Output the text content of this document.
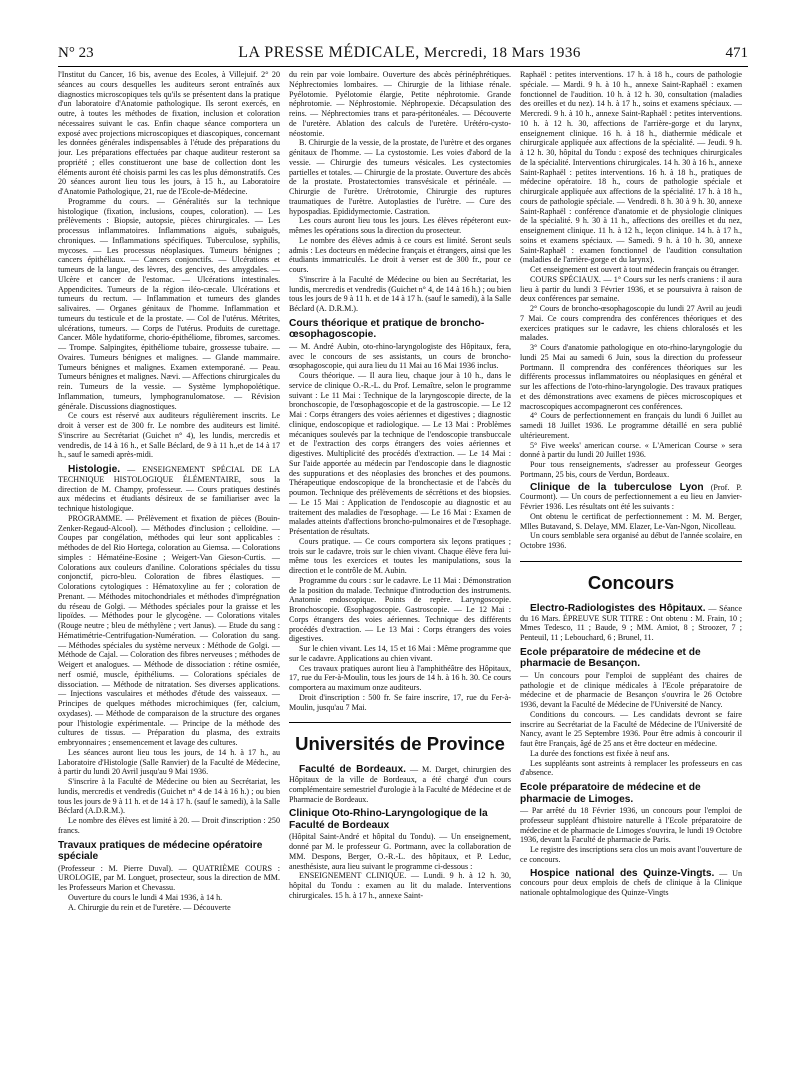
N° 23	LA PRESSE MÉDICALE, Mercredi, 18 Mars 1936	471

l'Institut du Cancer, 16 bis, avenue des Ecoles, à Villejuif. 2° 20 séances au cours desquelles les auditeurs seront entraînés aux diagnostics microscopiques tels qu'ils se présentent dans la pratique d'un laboratoire d'Anatomie pathologique. Ils seront exercés, en outre, à toutes les méthodes de fixation, inclusion et coloration nécessaires suivant le cas. Enfin chaque séance comportera un exposé avec projections microscopiques et diascopiques, concernant les données générales indispensables à l'étude des préparations du jour. Les préparations effectuées par chaque auditeur resteront sa propriété ; elles constitueront une base de collection dont les éléments auront été choisis parmi les cas les plus démonstratifs. Ces 20 séances auront lieu tous les jours, à 15 h., au Laboratoire d'Anatomie Pathologique, 21, rue de l'Ecole-de-Médecine.

Programme du cours. — Généralités sur la technique histologique (fixation, inclusions, coupes, coloration). — Les prélèvements : Biopsie, autopsie, pièces chirurgicales. — Les processus inflammatoires. Inflammations aiguës, subaiguës, chroniques. — Inflammations spécifiques. Tuberculose, syphilis, mycoses. — Les processus néoplasiques. Tumeurs bénignes ; cancers épithéliaux. — Cancers conjonctifs. — Ulcérations et tumeurs de la langue, des lèvres, des gencives, des amygdales. — Ulcère et cancer de l'estomac. — Ulcérations intestinales. Appendicites. Tumeurs de la région iléo-cæcale. Ulcérations et tumeurs du rectum. — Inflammation et tumeurs des glandes salivaires. — Organes génitaux de l'homme. Inflammation et tumeurs du testicule et de la prostate. — Col de l'utérus. Métrites, ulcérations, tumeurs. — Corps de l'utérus. Produits de curettage. Cancer. Môle hydatiforme, chorio-épithéliome, fibromes, sarcomes. — Trompe. Salpingites, épithéliome tubaire, grossesse tubaire. — Ovaires. Tumeurs bénignes et malignes. — Glande mammaire. Tumeurs bénignes et malignes. Examen extemporané. — Peau. Tumeurs bénignes et malignes. Nævi. — Affections chirurgicales du rein. Tumeurs de la vessie. — Système lymphopoïétique. Inflammation, tumeurs, lymphogranulomatose. — Révision générale. Discussions diagnostiques.

Ce cours est réservé aux auditeurs régulièrement inscrits. Le droit à verser est de 300 fr. Le nombre des auditeurs est limité. S'inscrire au Secrétariat (Guichet n° 4), les lundis, mercredis et vendredis, de 14 à 16 h., et Salle Béclard, de 9 à 11 h.,et de 14 à 17 h., sauf le samedi après-midi.

Histologie. — ENSEIGNEMENT SPÉCIAL DE LA TECHNIQUE HISTOLOGIQUE ÉLÉMENTAIRE, sous la direction de M. Champy, professeur. — Cours pratiques destinés aux médecins et étudiants désireux de se familiariser avec la technique histologique.

PROGRAMME. — Prélèvement et fixation de pièces (Bouin-Zenker-Regaud-Alcool). — Méthodes d'inclusion ; celloïdine. — Coupes par congélation, méthodes qui leur sont applicables : méthodes de del Rio Hortega, coloration au Giemsa. — Colorations simples : Hématéine-Eosine ; Weigert-Van Gieson-Curtis. — Colorations aux couleurs d'aniline. Colorations spéciales du tissu conjonctif, picro-bleu. Coloration de fibres élastiques. — Colorations cytologiques : Hématoxyline au fer ; coloration de Prenant. — Méthodes mitochondriales et méthodes d'imprégnation du réseau de Golgi. — Méthodes spéciales pour la graisse et les lipoïdes. — Méthodes pour le glycogène. — Colorations vitales (Rouge neutre ; bleu de méthylène ; vert Janus). — Etude du sang : Hématimétrie-Centrifugation-Numération. — Coloration du sang. — Méthodes spéciales du système nerveux : Méthode de Golgi. — Méthode de Cajal. — Coloration des fibres nerveuses ; méthodes de Weigert et analogues. — Méthode de dissociation : rétine osmiée, nerf osmié, muscle, épithéliums. — Colorations spéciales de dissociation. — Méthode de nitratation. Ses diverses applications. — Injections vasculaires et méthodes d'étude des vaisseaux. — Principes de quelques méthodes microchimiques (fer, calcium, oxydases). — Méthode de comparaison de la structure des organes pour l'histologie expérimentale. — Principe de la méthode des cultures de tissus. — Préparation du plasma, des extraits embryonnaires ; ensemencement et lavage des cultures.

Les séances auront lieu tous les jours, de 14 h. à 17 h., au Laboratoire d'Histologie (Salle Ranvier) de la Faculté de Médecine, à partir du lundi 20 Avril jusqu'au 9 Mai 1936.

S'inscrire à la Faculté de Médecine ou bien au Secrétariat, les lundis, mercredis et vendredis (Guichet n° 4 de 14 à 16 h.) ; ou bien tous les jours de 9 à 11 h. et de 14 à 17 h. (sauf le samedi), à la Salle Béclard (A.D.R.M.).

Le nombre des élèves est limité à 20. — Droit d'inscription : 250 francs.

Travaux pratiques de médecine opératoire spéciale

(Professeur : M. Pierre Duval). — QUATRIÈME COURS : UROLOGIE, par M. Longuet, prosecteur, sous la direction de MM. les Professeurs Marion et Chevassu.

Ouverture du cours le lundi 4 Mai 1936, à 14 h.

A. Chirurgie du rein et de l'uretère. — Découverte

du rein par voie lombaire. Ouverture des abcès périnéphrétiques. Néphrectomies lombaires. — Chirurgie de la lithiase rénale. Pyélotomie. Pyélotomie élargie, Petite néphrotomie. Grande néphrotomie. — Néphrostomie. Néphropexie. Décapsulation des reins. — Néphrectomies trans et para-péritonéales. — Découverte de l'uretère. Ablation des calculs de l'uretère. Urétéro-cysto-néostomie.

B. Chirurgie de la vessie, de la prostate, de l'urètre et des organes génitaux de l'homme. — La cystostomie. Les voies d'abord de la vessie. — Chirurgie des tumeurs vésicales. Les cystectomies partielles et totales. — Chirurgie de la prostate. Ouverture des abcès de la prostate. Prostatectomies transvésicale et périnéale. — Chirurgie de l'urètre. Urétrotomie, Chirurgie des ruptures traumatiques de l'urètre. Autoplasties de l'urètre. — Cure des hypospadias. Epididymectomie. Castration.

Les cours auront lieu tous les jours. Les élèves répéteront eux-mêmes les opérations sous la direction du prosecteur.

Le nombre des élèves admis à ce cours est limité. Seront seuls admis : Les docteurs en médecine français et étrangers, ainsi que les étudiants immatriculés. Le droit à verser est de 300 fr., pour ce cours.

S'inscrire à la Faculté de Médecine ou bien au Secrétariat, les lundis, mercredis et vendredis (Guichet n° 4, de 14 à 16 h.) ; ou bien tous les jours de 9 à 11 h. et de 14 à 17 h. (sauf le samedi), à la Salle Béclard (A. D.R.M.).

Cours théorique et pratique de broncho-œsophagoscopie.

— M. André Aubin, oto-rhino-laryngologiste des Hôpitaux, fera, avec le concours de ses assistants, un cours de broncho-œsophagoscopie, qui aura lieu du 11 Mai au 16 Mai 1936 inclus.

Cours théorique. — Il aura lieu, chaque jour à 10 h., dans le service de clinique O.-R.-L. du Prof. Lemaître, selon le programme suivant : Le 11 Mai : Technique de la laryngoscopie directe, de la bronchoscopie, de l'œsophagoscopie et de la gastroscopie. — Le 12 Mai : Corps étrangers des voies aériennes et digestives ; diagnostic clinique, endoscopique et radiologique. — Le 13 Mai : Problèmes mécaniques soulevés par la technique de l'endoscopie transbuccale et de l'extraction des corps étrangers des voies aériennes et digestives. Multiplicité des procédés d'extraction. — Le 14 Mai : Sur l'aide apportée au médecin par l'endoscopie dans le diagnostic des suppurations et des néoplasies des bronches et des poumons. Thérapeutique endoscopique de la bronchectasie et de l'abcès du poumon. Technique des prélèvements de sécrétions et des biopsies. — Le 15 Mai : Application de l'endoscopie au diagnostic et au traitement des maladies de l'œsophage. — Le 16 Mai : Examen de malades atteints d'affections broncho-pulmonaires et de l'œsophage. Présentation de résultats.

Cours pratique. — Ce cours comportera six leçons pratiques ; trois sur le cadavre, trois sur le chien vivant. Chaque élève fera lui-même tous les exercices et toutes les manipulations, sous la direction et le contrôle de M. Aubin.

Programme du cours : sur le cadavre. Le 11 Mai : Démonstration de la position du malade. Technique d'introduction des instruments. Anatomie endoscopique. Points de repère. Laryngoscopie. Bronchoscopie. Œsophagoscopie. Gastroscopie. — Le 12 Mai : Corps étrangers des voies aériennes. Technique des différents procédés d'extraction. — Le 13 Mai : Corps étrangers des voies digestives.

Sur le chien vivant. Les 14, 15 et 16 Mai : Même programme que sur le cadavre. Applications au chien vivant.

Ces travaux pratiques auront lieu à l'amphithéâtre des Hôpitaux, 17, rue du Fer-à-Moulin, tous les jours de 14 h. à 16 h. 30. Ce cours comportera au maximum onze auditeurs.

Droit d'inscription : 500 fr. Se faire inscrire, 17, rue du Fer-à-Moulin, jusqu'au 7 Mai.

Universités de Province

Faculté de Bordeaux. — M. Darget, chirurgien des Hôpitaux de la ville de Bordeaux, a été chargé d'un cours complémentaire semestriel d'urologie à la Faculté de Médecine et de Pharmacie de Bordeaux.

Clinique Oto-Rhino-Laryngologique de la Faculté de Bordeaux

(Hôpital Saint-André et hôpital du Tondu). — Un enseignement, donné par M. le professeur G. Portmann, avec la collaboration de MM. Despons, Berger, O.-R.-L. des hôpitaux, et P. Leduc, anesthésiste, aura lieu suivant le programme ci-dessous :

ENSEIGNEMENT CLINIQUE. — Lundi. 9 h. à 12 h. 30, hôpital du Tondu : examen au lit du malade. Interventions chirurgicales. 15 h. à 17 h., annexe Saint-

Raphaël : petites interventions. 17 h. à 18 h., cours de pathologie spéciale. — Mardi. 9 h. à 10 h., annexe Saint-Raphaël : examen fonctionnel de l'audition. 10 h. à 12 h. 30, consultation (maladies des oreilles et du nez). 14 h. à 17 h., soins et examens spéciaux. — Mercredi. 9 h. à 10 h., annexe Saint-Raphaël : petites interventions. 10 h. à 12 h. 30, affections de l'arrière-gorge et du larynx, enseignement clinique. 16 h. à 18 h., diathermie médicale et chirurgicale appliquée aux affections de la spécialité. — Jeudi. 9 h. à 12 h. 30, hôpital du Tondu : exposé des techniques chirurgicales de la spécialité. Interventions chirurgicales. 14 h. 30 à 16 h., annexe Saint-Raphaël : petites interventions. 16 h. à 18 h., pratiques de médecine opératoire. 18 h., cours de pathologie spéciale et chirurgicale appliquée aux affections de la spécialité. 17 h. à 18 h., cours de pathologie spéciale. — Vendredi. 8 h. 30 à 9 h. 30, annexe Saint-Raphaël : conférence d'anatomie et de physiologie cliniques de la spécialité. 9 h. 30 à 11 h., affections des oreilles et du nez, enseignement clinique. 11 h. à 12 h., leçon clinique. 14 h. à 17 h., soins et examens spéciaux. — Samedi. 9 h. à 10 h. 30, annexe Saint-Raphaël : examen fonctionnel de l'audition consultation (maladies de l'arrière-gorge et du larynx).

Cet enseignement est ouvert à tout médecin français ou étranger.

COURS SPÉCIAUX. — 1° Cours sur les nerfs craniens : il aura lieu à partir du lundi 3 Février 1936, et se poursuivra à raison de deux conférences par semaine.

2° Cours de broncho-œsophagoscopie du lundi 27 Avril au jeudi 7 Mai. Ce cours comprendra des conférences théoriques et des exercices pratiques sur le cadavre, les chiens chloralosés et les malades.

3° Cours d'anatomie pathologique en oto-rhino-laryngologie du lundi 25 Mai au samedi 6 Juin, sous la direction du professeur Portmann. Il comprendra des conférences théoriques sur les différents processus inflammatoires ou néoplasiques en général et sur les affections de l'oto-rhino-laryngologie. Des travaux pratiques et des démonstrations avec examens de pièces microscopiques et macroscopiques accompagneront ces conférences.

4° Cours de perfectionnement en français du lundi 6 Juillet au samedi 18 Juillet 1936. Le programme détaillé en sera publié ultérieurement.

5° Five weeks' american course. « L'American Course » sera donné à partir du lundi 20 Juillet 1936.

Pour tous renseignements, s'adresser au professeur Georges Portmann, 25 bis, cours de Verdun, Bordeaux.

Clinique de la tuberculose Lyon (Prof. P. Courmont). — Un cours de perfectionnement a eu lieu en Janvier-Février 1936. Les résultats ont été les suivants :

Ont obtenu le certificat de perfectionnement : M. M. Berger, Mlles Butavand, S. Delaye, MM. Elazer, Le-Van-Ngon, Nicolleau.

Un cours semblable sera organisé au début de l'année scolaire, en Octobre 1936.

Concours

Electro-Radiologistes des Hôpitaux. — Séance du 16 Mars. ÉPREUVE SUR TITRE : Ont obtenu : M. Frain, 10 ; Mmes Tedesco, 11 ; Baude, 9 ; MM. Amiot, 8 ; Stroozer, 7 ; Penteuil, 11 ; Lebouchard, 6 ; Brunel, 11.

Ecole préparatoire de médecine et de pharmacie de Besançon.

— Un concours pour l'emploi de suppléant des chaires de pathologie et de clinique médicales à l'Ecole préparatoire de médecine et de pharmacie de Besançon s'ouvrira le 26 Octobre 1936, devant la Faculté de Médecine de l'Université de Nancy.

Conditions du concours. — Les candidats devront se faire inscrire au Secrétariat de la Faculté de Médecine de l'Université de Nancy, avant le 25 Septembre 1936. Pour être admis à concourir il faut être Français, âgé de 25 ans et être docteur en médecine.

La durée des fonctions est fixée à neuf ans.

Les suppléants sont astreints à remplacer les professeurs en cas d'absence.

Ecole préparatoire de médecine et de pharmacie de Limoges.

— Par arrêté du 18 Février 1936, un concours pour l'emploi de professeur suppléant d'histoire naturelle à l'Ecole préparatoire de médecine et de pharmacie de Limoges s'ouvrira, le lundi 19 Octobre 1936, devant la Faculté de pharmacie de Paris.

Le registre des inscriptions sera clos un mois avant l'ouverture de ce concours.

Hospice national des Quinze-Vingts. — Un concours pour deux emplois de chefs de clinique à la Clinique nationale ophtalmologique des Quinze-Vingts
